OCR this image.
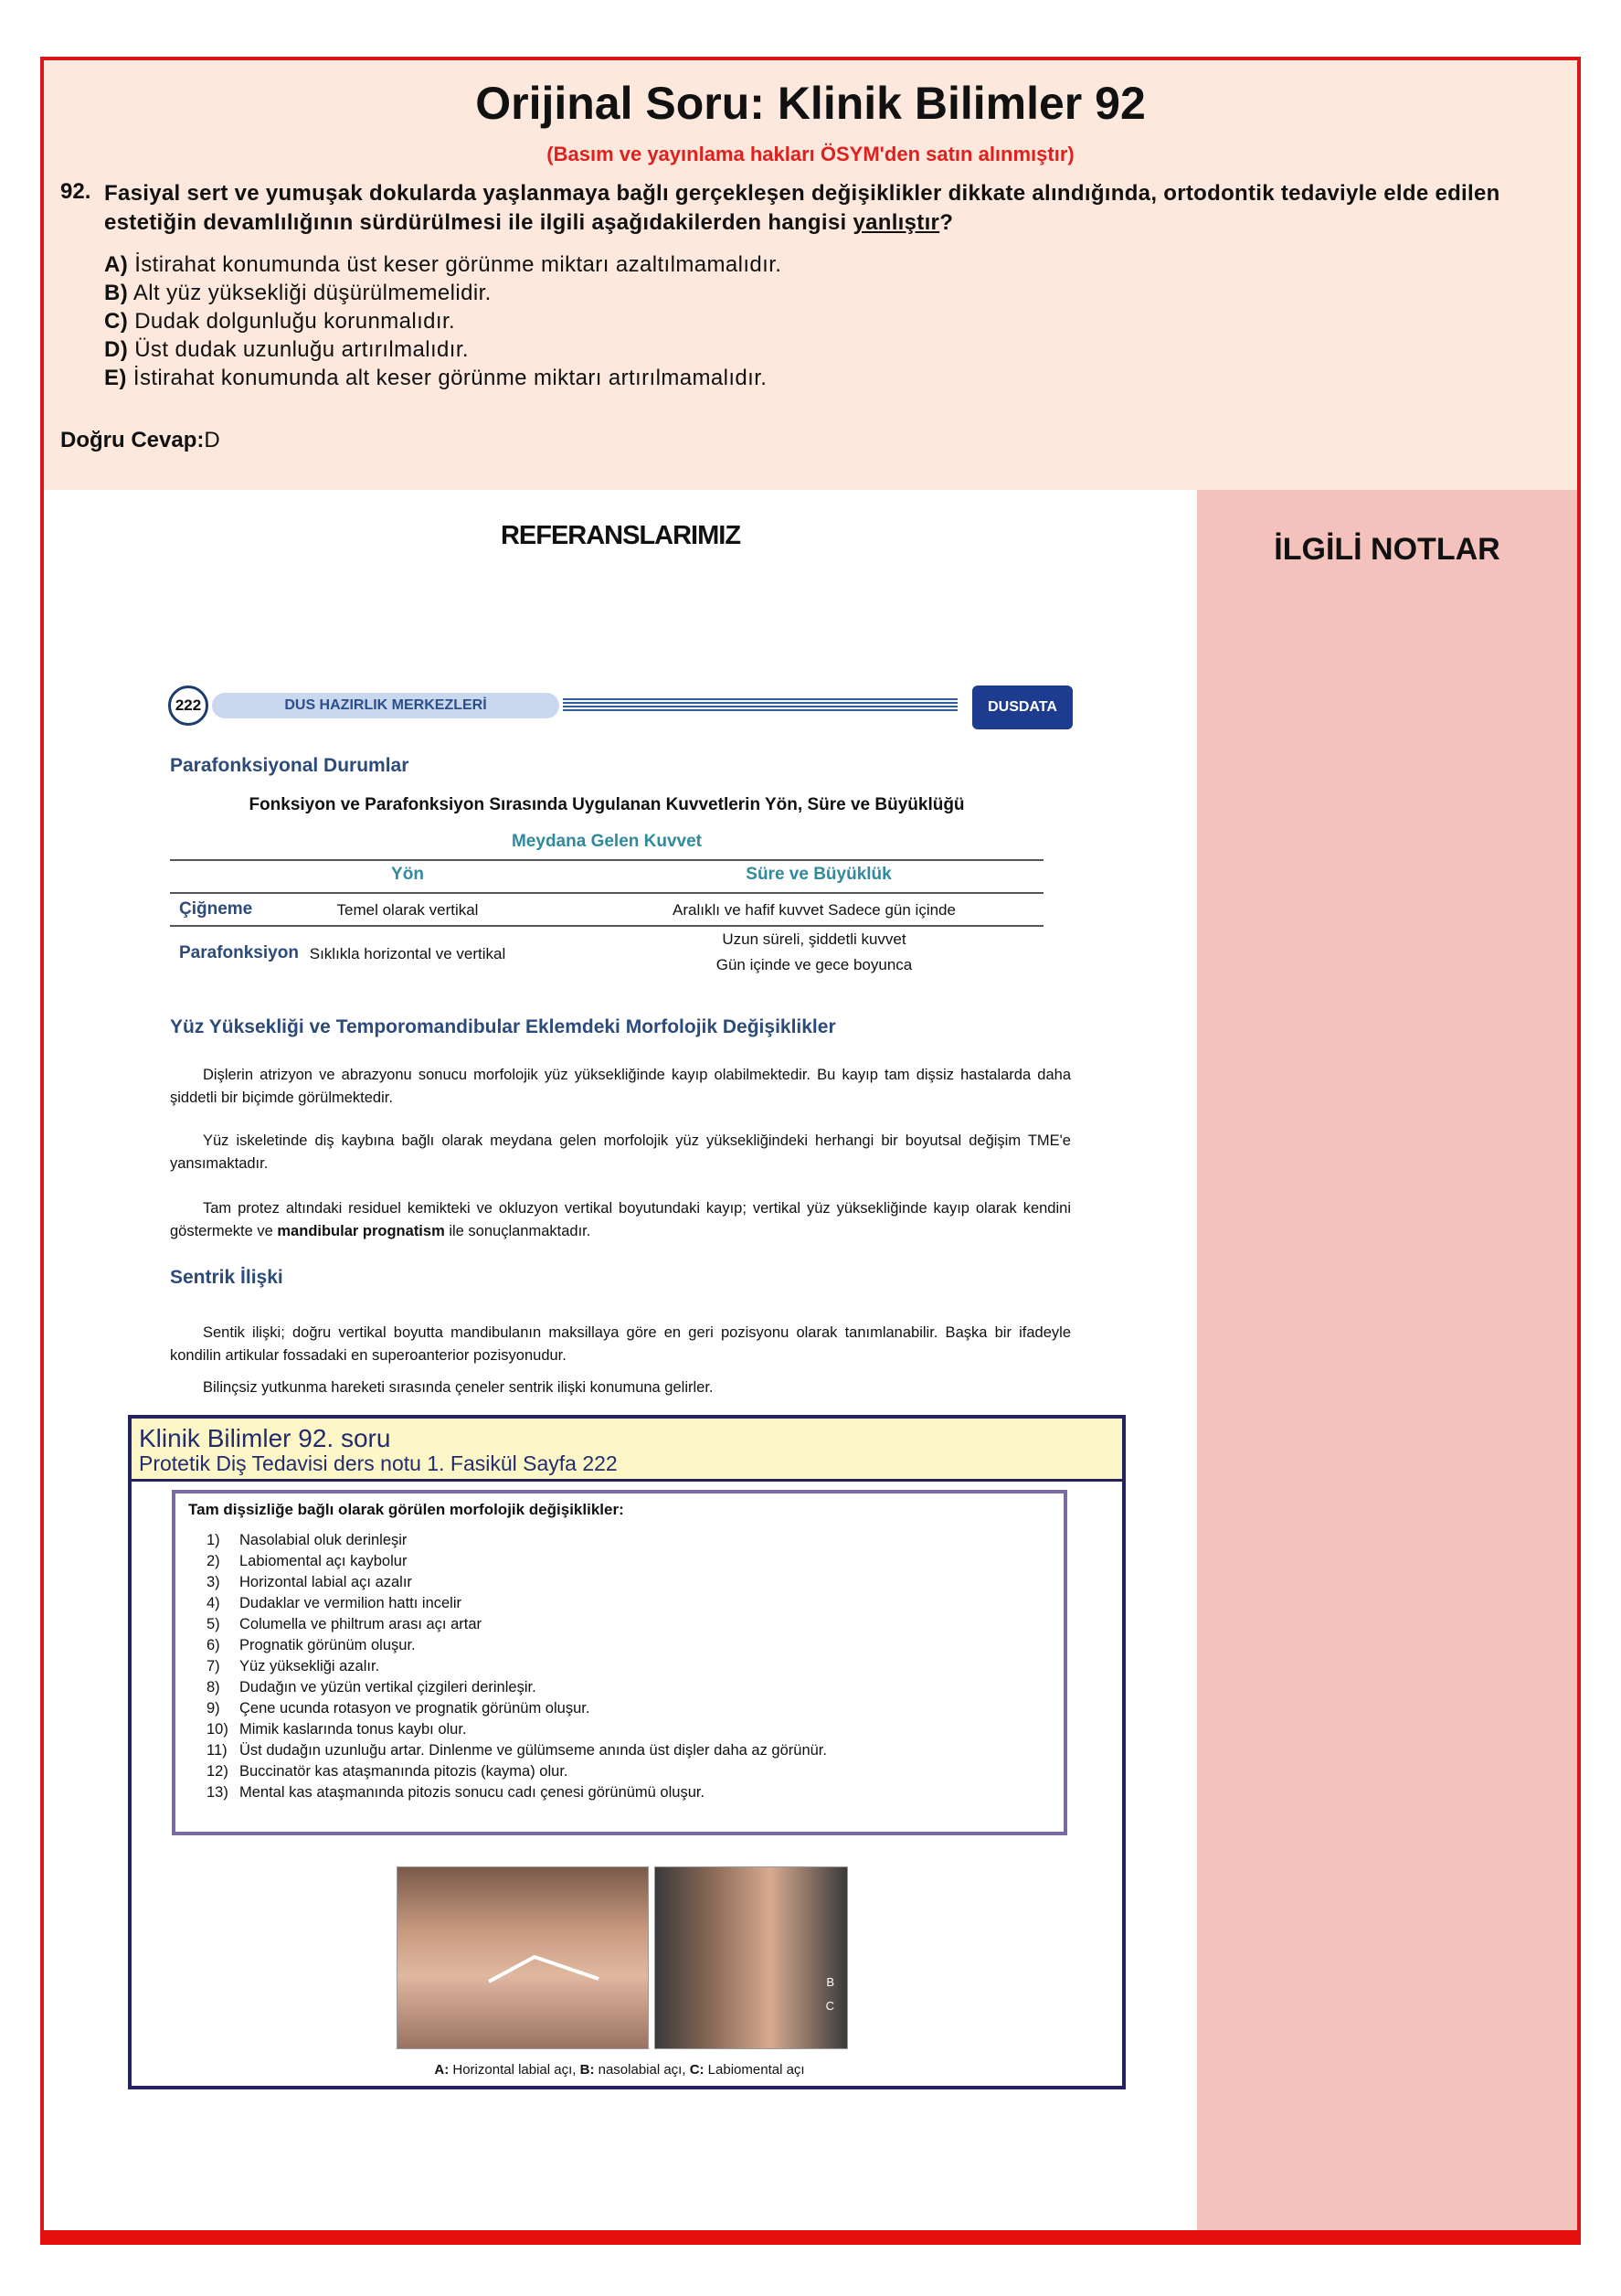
Orijinal Soru: Klinik Bilimler 92
(Basım ve yayınlama hakları ÖSYM'den satın alınmıştır)
92. Fasiyal sert ve yumuşak dokularda yaşlanmaya bağlı gerçekleşen değişiklikler dikkate alındığında, ortodontik tedaviyle elde edilen estetiğin devamlılığının sürdürülmesi ile ilgili aşağıdakilerden hangisi yanlıştır?
A) İstirahat konumunda üst keser görünme miktarı azaltılmamalıdır.
B) Alt yüz yüksekliği düşürülmemelidir.
C) Dudak dolgunluğu korunmalıdır.
D) Üst dudak uzunluğu artırılmalıdır.
E) İstirahat konumunda alt keser görünme miktarı artırılmamalıdır.
Doğru Cevap:D
İLGİLİ NOTLAR
REFERANSLARIMIZ
222	DUS HAZIRLIK MERKEZLERİ	DUSDATA
Parafonksiyonal Durumlar
Fonksiyon ve Parafonksiyon Sırasında Uygulanan Kuvvetlerin Yön, Süre ve Büyüklüğü
Meydana Gelen Kuvvet
Yön	Süre ve Büyüklük
Çiğneme	Temel olarak vertikal	Aralıklı ve hafif kuvvet Sadece gün içinde
Parafonksiyon Sıklıkla horizontal ve vertikal
Uzun süreli, şiddetli kuvvet
Gün içinde ve gece boyunca
Yüz Yüksekliği ve Temporomandibular Eklemdeki Morfolojik Değişiklikler
Dişlerin atrizyon ve abrazyonu sonucu morfolojik yüz yüksekliğinde kayıp olabilmektedir. Bu kayıp tam dişsiz hastalarda daha şiddetli bir biçimde görülmektedir.
Yüz iskeletinde diş kaybına bağlı olarak meydana gelen morfolojik yüz yüksekliğindeki herhangi bir boyutsal değişim TME'e yansımaktadır.
Tam protez altındaki residuel kemikteki ve okluzyon vertikal boyutundaki kayıp; vertikal yüz yüksekliğinde kayıp olarak kendini göstermekte ve mandibular prognatism ile sonuçlanmaktadır.
Sentrik İlişki
Sentik ilişki; doğru vertikal boyutta mandibulanın maksillaya göre en geri pozisyonu olarak tanımlanabilir. Başka bir ifadeyle kondilin artikular fossadaki en superoanterior pozisyonudur.
Bilinçsiz yutkunma hareketi sırasında çeneler sentrik ilişki konumuna gelirler.
Klinik Bilimler 92. soru
Protetik Diş Tedavisi ders notu 1. Fasikül Sayfa 222
Tam dişsizliğe bağlı olarak görülen morfolojik değişiklikler:
1) Nasolabial oluk derinleşir
2) Labiomental açı kaybolur
3) Horizontal labial açı azalır
4) Dudaklar ve vermilion hattı incelir
5) Columella ve philtrum arası açı artar
6) Prognatik görünüm oluşur.
7) Yüz yüksekliği azalır.
8) Dudağın ve yüzün vertikal çizgileri derinleşir.
9) Çene ucunda rotasyon ve prognatik görünüm oluşur.
10) Mimik kaslarında tonus kaybı olur.
11) Üst dudağın uzunluğu artar. Dinlenme ve gülümseme anında üst dişler daha az görünür.
12) Buccinatör kas ataşmanında pitozis (kayma) olur.
13) Mental kas ataşmanında pitozis sonucu cadı çenesi görünümü oluşur.
B
C
A: Horizontal labial açı, B: nasolabial açı, C: Labiomental açı
